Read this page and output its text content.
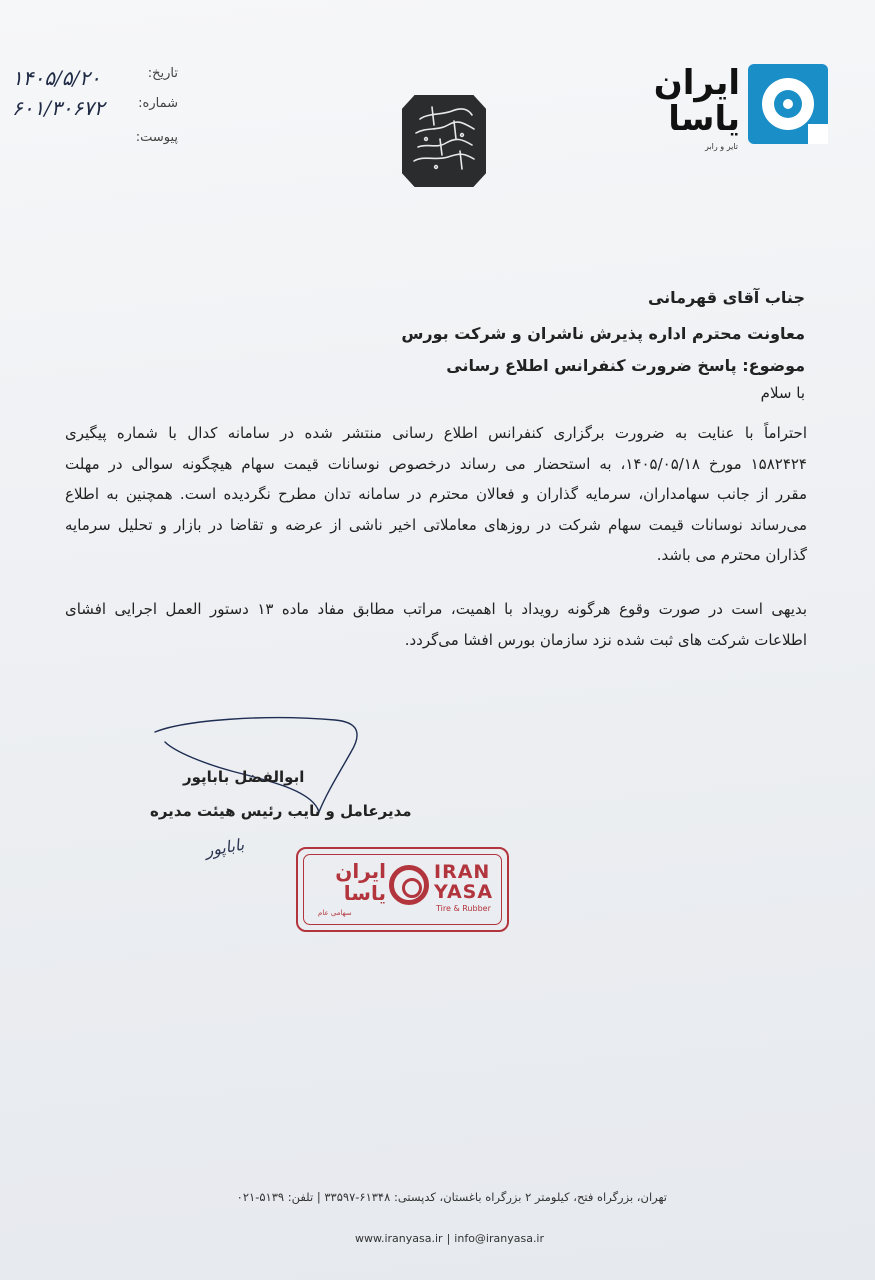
ایران
یاسا
تایر و رابر
تاریخ:
۱۴۰۵/۵/۲۰
شماره:
۶۰۱/۳۰۶۷۲
پیوست:
جناب آقای قهرمانی
معاونت محترم اداره پذیرش ناشران و شرکت بورس
موضوع: پاسخ ضرورت کنفرانس اطلاع رسانی
با سلام
احتراماً با عنایت به ضرورت برگزاری کنفرانس اطلاع رسانی منتشر شده در سامانه کدال با شماره پیگیری
۱۵۸۲۴۲۴ مورخ ۱۴۰۵/۰۵/۱۸، به استحضار می رساند درخصوص نوسانات قیمت سهام هیچگونه سوالی در مهلت
مقرر از جانب سهامداران، سرمایه گذاران و فعالان محترم در سامانه تدان مطرح نگردیده است. همچنین به اطلاع
می‌رساند نوسانات قیمت سهام شرکت در روزهای معاملاتی اخیر ناشی از عرضه و تقاضا در بازار و تحلیل سرمایه
گذاران محترم می باشد.
بدیهی است در صورت وقوع هرگونه رویداد با اهمیت، مراتب مطابق مفاد ماده ۱۳ دستور العمل اجرایی افشای
اطلاعات شرکت های ثبت شده نزد سازمان بورس افشا می‌گردد.
ابوالفضل باباپور
مدیرعامل و نایب رئیس هیئت مدیره
باباپور
ایران
یاسا
IRAN
YASA
Tire & Rubber
سهامی عام
تهران، بزرگراه فتح، کیلومتر ۲ بزرگراه باغستان، کدپستی: ۶۱۳۴۸-۳۳۵۹۷ | تلفن: ۵۱۳۹-۰۲۱
www.iranyasa.ir | info@iranyasa.ir
